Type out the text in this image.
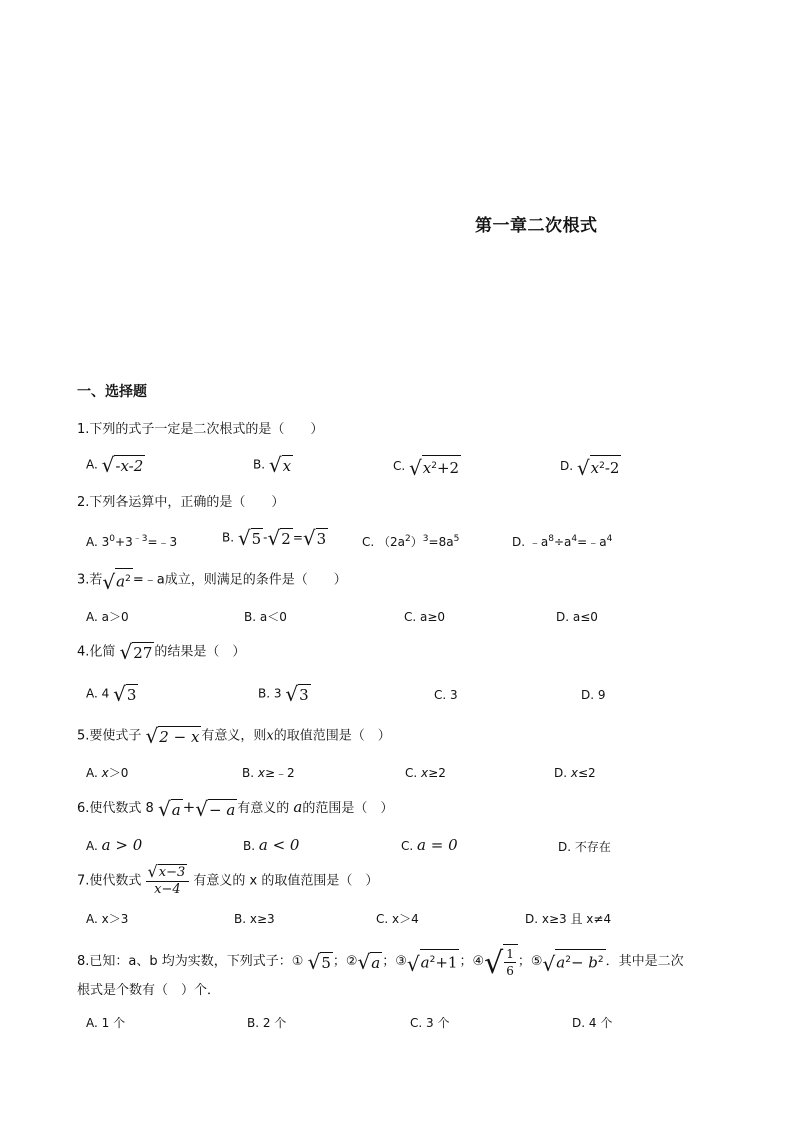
第一章二次根式
一、选择题
1.下列的式子一定是二次根式的是（　　）
A. √ -x-2	B. √ x	C. √ $x^2+2$	D. √ $x^2-2$
2.下列各运算中，正确的是（　　）
A. $3^0+3^{﹣3}=﹣3$	B. √ 5 - √ 2 = √ 3	C. $(2a^2)^3=8a^5$	D. $﹣a^8\div a^4=﹣a^4$
3.若 √ $a^2$ =﹣a成立，则满足的条件是（　　）
A. a＞0	B. a＜0	C. a≥0	D. a≤0
4.化简 √ 27 的结果是（　）
A. 4 √ 3	B. 3 √ 3	C. 3	D. 9
5.要使式子 √ 2 − x 有意义，则x的取值范围是（　）
A. x＞0	B. x≥﹣2	C. x≥2	D. x≤2
6.使代数式 8 √ a + √ − a 有意义的 a的范围是（　）
A. a > 0	B. a < 0	C. a = 0	D. 不存在
7.使代数式 $\frac{√ x-3}{x-4}$ 有意义的 x 的取值范围是（　）
A. x＞3	B. x≥3	C. x＞4	D. x≥3 且 x≠4
8.已知：a、b 均为实数，下列式子：① √ 5 ；② √ a ；③ √ $a^2+1$ ；④ √ $\frac{1}{6}$ ；⑤ √ $a^2- b^2$ ．其中是二次
根式是个数有（　）个．
A. 1 个	B. 2 个	C. 3 个	D. 4 个
